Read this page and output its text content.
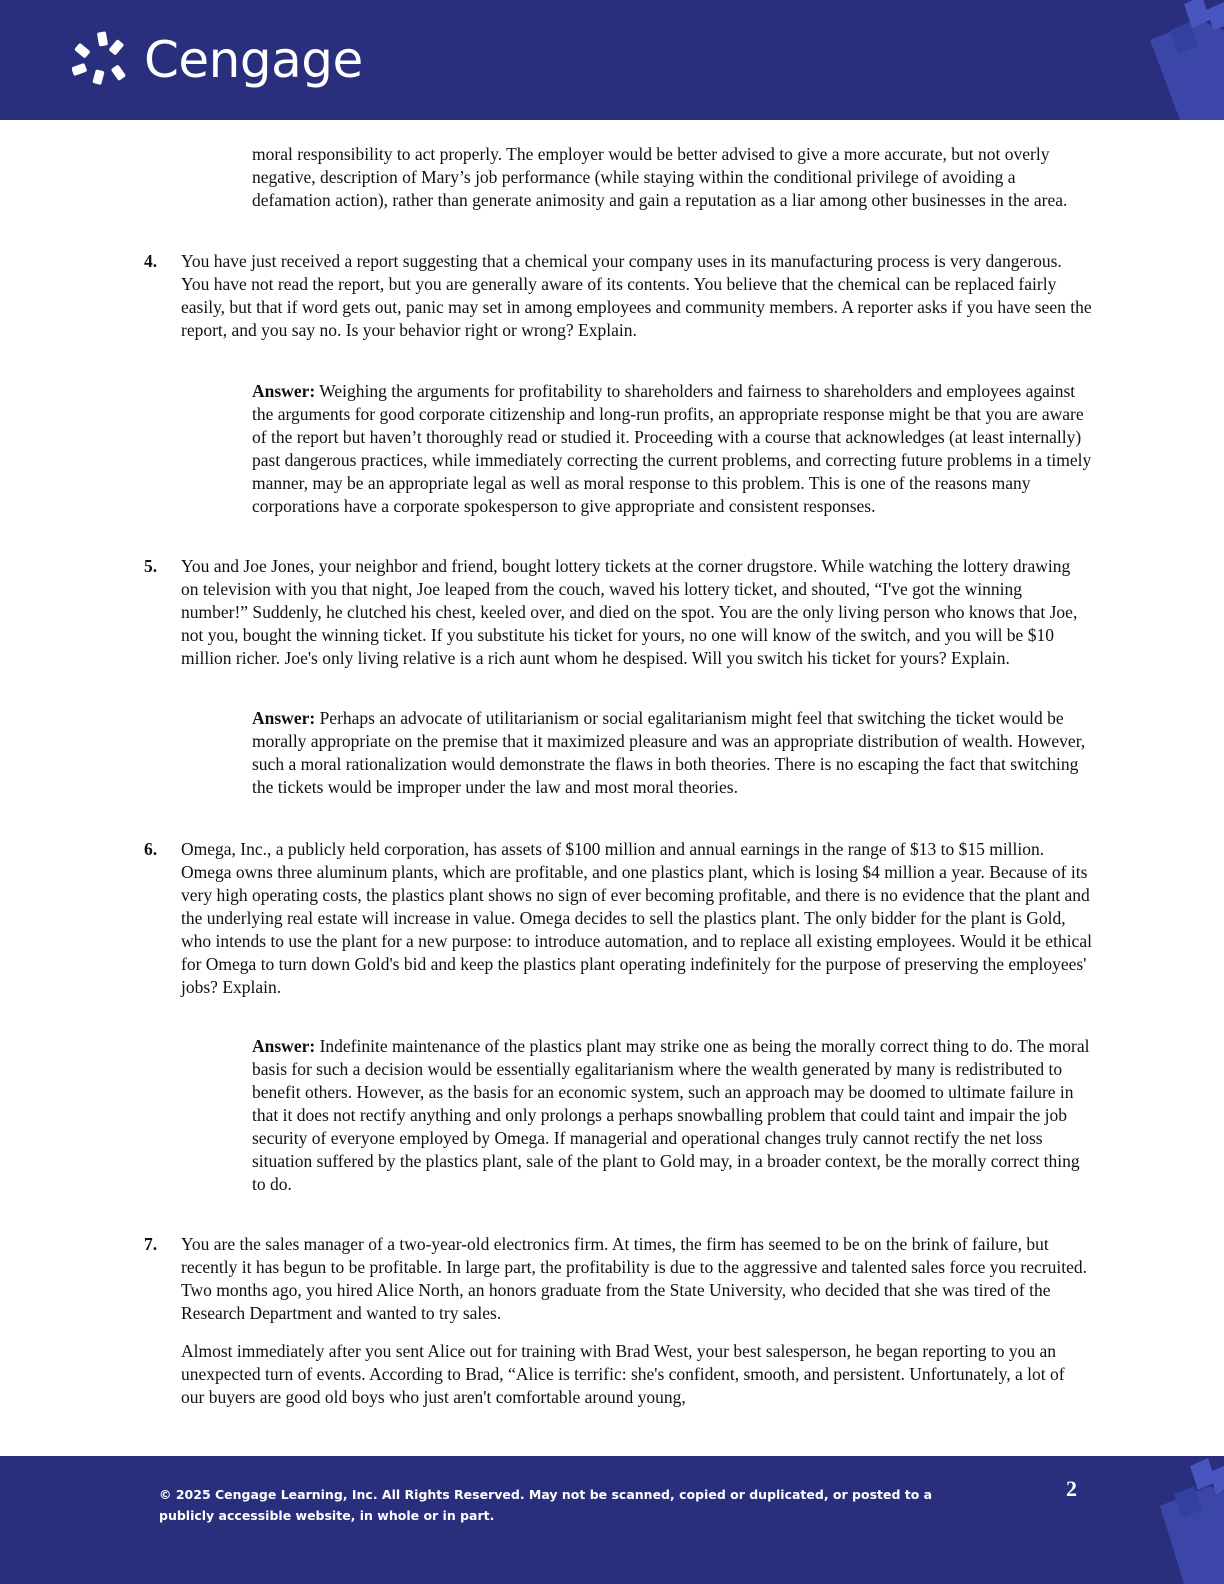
Cengage

moral responsibility to act properly. The employer would be better advised to give a more accurate, but not overly negative, description of Mary’s job performance (while staying within the conditional privilege of avoiding a defamation action), rather than generate animosity and gain a reputation as a liar among other businesses in the area.

4. You have just received a report suggesting that a chemical your company uses in its manufacturing process is very dangerous. You have not read the report, but you are generally aware of its contents. You believe that the chemical can be replaced fairly easily, but that if word gets out, panic may set in among employees and community members. A reporter asks if you have seen the report, and you say no. Is your behavior right or wrong? Explain.

Answer: Weighing the arguments for profitability to shareholders and fairness to shareholders and employees against the arguments for good corporate citizenship and long-run profits, an appropriate response might be that you are aware of the report but haven’t thoroughly read or studied it. Proceeding with a course that acknowledges (at least internally) past dangerous practices, while immediately correcting the current problems, and correcting future problems in a timely manner, may be an appropriate legal as well as moral response to this problem. This is one of the reasons many corporations have a corporate spokesperson to give appropriate and consistent responses.

5. You and Joe Jones, your neighbor and friend, bought lottery tickets at the corner drugstore. While watching the lottery drawing on television with you that night, Joe leaped from the couch, waved his lottery ticket, and shouted, “I've got the winning number!” Suddenly, he clutched his chest, keeled over, and died on the spot. You are the only living person who knows that Joe, not you, bought the winning ticket. If you substitute his ticket for yours, no one will know of the switch, and you will be $10 million richer. Joe's only living relative is a rich aunt whom he despised. Will you switch his ticket for yours? Explain.

Answer: Perhaps an advocate of utilitarianism or social egalitarianism might feel that switching the ticket would be morally appropriate on the premise that it maximized pleasure and was an appropriate distribution of wealth. However, such a moral rationalization would demonstrate the flaws in both theories. There is no escaping the fact that switching the tickets would be improper under the law and most moral theories.

6. Omega, Inc., a publicly held corporation, has assets of $100 million and annual earnings in the range of $13 to $15 million. Omega owns three aluminum plants, which are profitable, and one plastics plant, which is losing $4 million a year. Because of its very high operating costs, the plastics plant shows no sign of ever becoming profitable, and there is no evidence that the plant and the underlying real estate will increase in value. Omega decides to sell the plastics plant. The only bidder for the plant is Gold, who intends to use the plant for a new purpose: to introduce automation, and to replace all existing employees. Would it be ethical for Omega to turn down Gold's bid and keep the plastics plant operating indefinitely for the purpose of preserving the employees' jobs? Explain.

Answer: Indefinite maintenance of the plastics plant may strike one as being the morally correct thing to do. The moral basis for such a decision would be essentially egalitarianism where the wealth generated by many is redistributed to benefit others. However, as the basis for an economic system, such an approach may be doomed to ultimate failure in that it does not rectify anything and only prolongs a perhaps snowballing problem that could taint and impair the job security of everyone employed by Omega. If managerial and operational changes truly cannot rectify the net loss situation suffered by the plastics plant, sale of the plant to Gold may, in a broader context, be the morally correct thing to do.

7. You are the sales manager of a two-year-old electronics firm. At times, the firm has seemed to be on the brink of failure, but recently it has begun to be profitable. In large part, the profitability is due to the aggressive and talented sales force you recruited. Two months ago, you hired Alice North, an honors graduate from the State University, who decided that she was tired of the Research Department and wanted to try sales.

Almost immediately after you sent Alice out for training with Brad West, your best salesperson, he began reporting to you an unexpected turn of events. According to Brad, “Alice is terrific: she's confident, smooth, and persistent. Unfortunately, a lot of our buyers are good old boys who just aren't comfortable around young,

© 2025 Cengage Learning, Inc. All Rights Reserved. May not be scanned, copied or duplicated, or posted to a publicly accessible website, in whole or in part.
2
